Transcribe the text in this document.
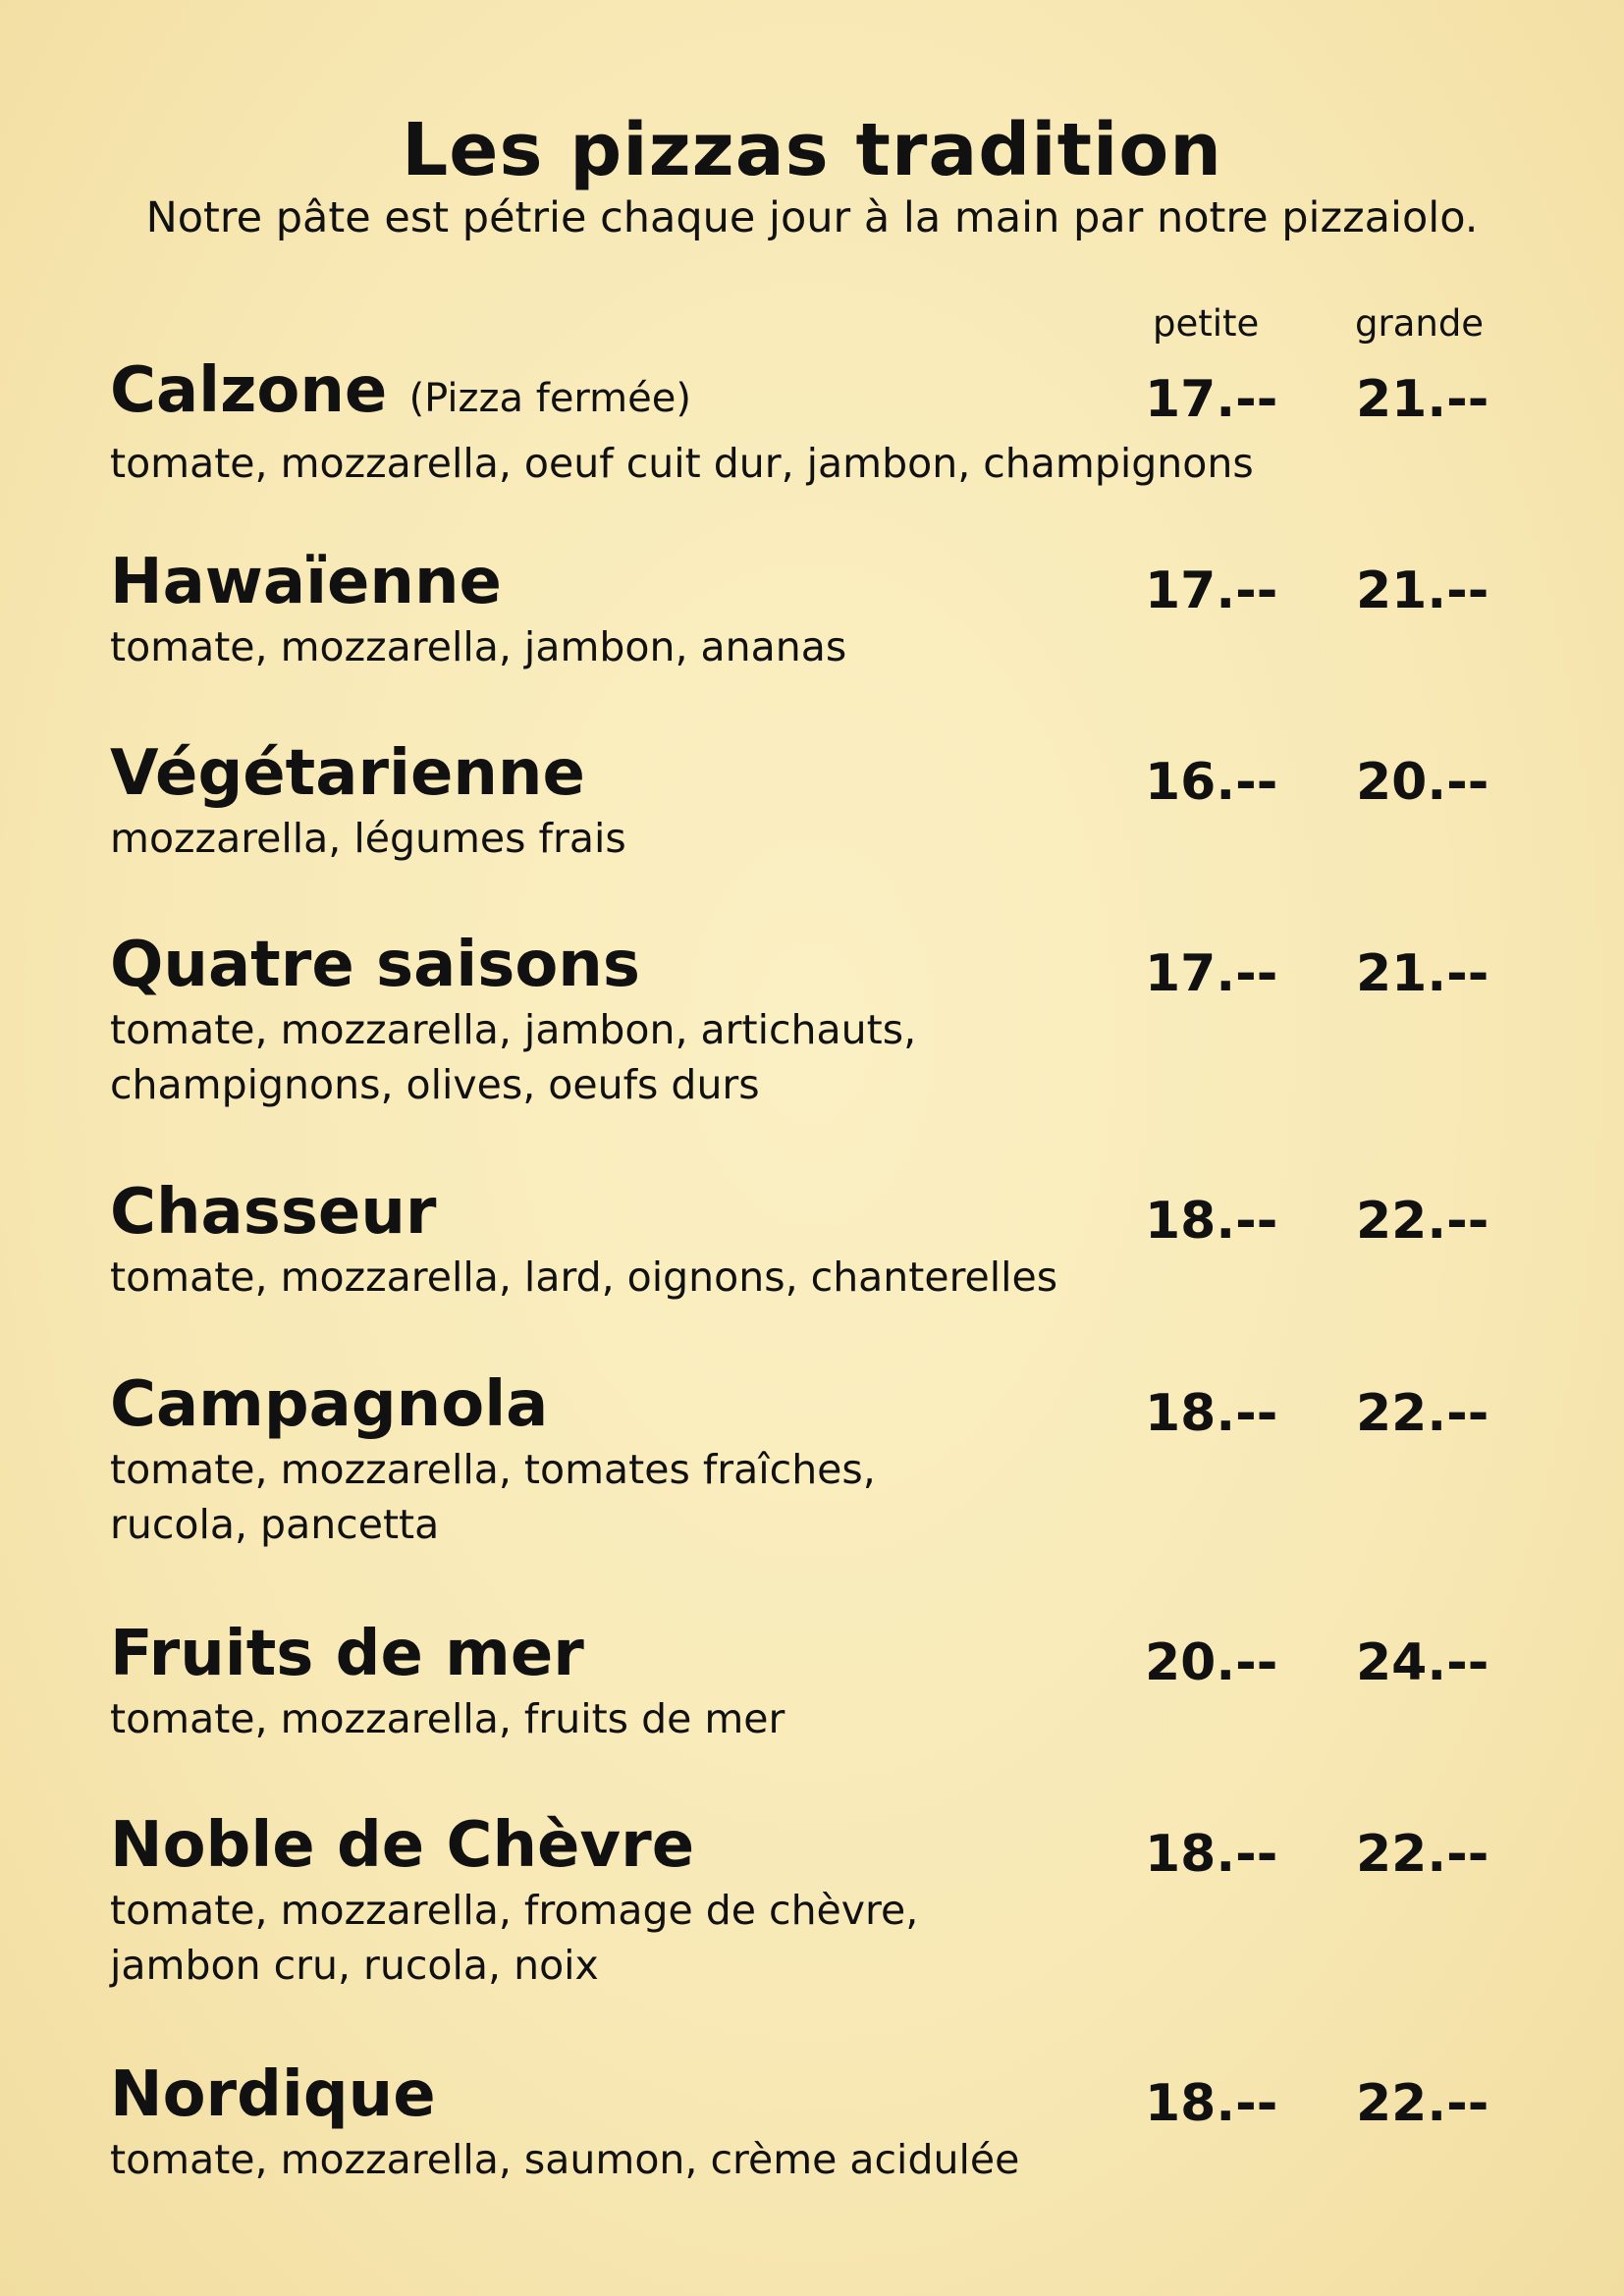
Les pizzas tradition
Notre pâte est pétrie chaque jour à la main par notre pizzaiolo.
petite	grande
Calzone (Pizza fermée)
tomate, mozzarella, oeuf cuit dur, jambon, champignons
17.-- 21.--
Hawaïenne
tomate, mozzarella, jambon, ananas
17.-- 21.--
Végétarienne
mozzarella, légumes frais
16.-- 20.--
Quatre saisons
tomate, mozzarella, jambon, artichauts,
champignons, olives, oeufs durs
17.-- 21.--
Chasseur
tomate, mozzarella, lard, oignons, chanterelles
18.-- 22.--
Campagnola
tomate, mozzarella, tomates fraîches,
rucola, pancetta
18.-- 22.--
Fruits de mer
tomate, mozzarella, fruits de mer
20.-- 24.--
Noble de Chèvre
tomate, mozzarella, fromage de chèvre,
jambon cru, rucola, noix
18.-- 22.--
Nordique
tomate, mozzarella, saumon, crème acidulée
18.-- 22.--
